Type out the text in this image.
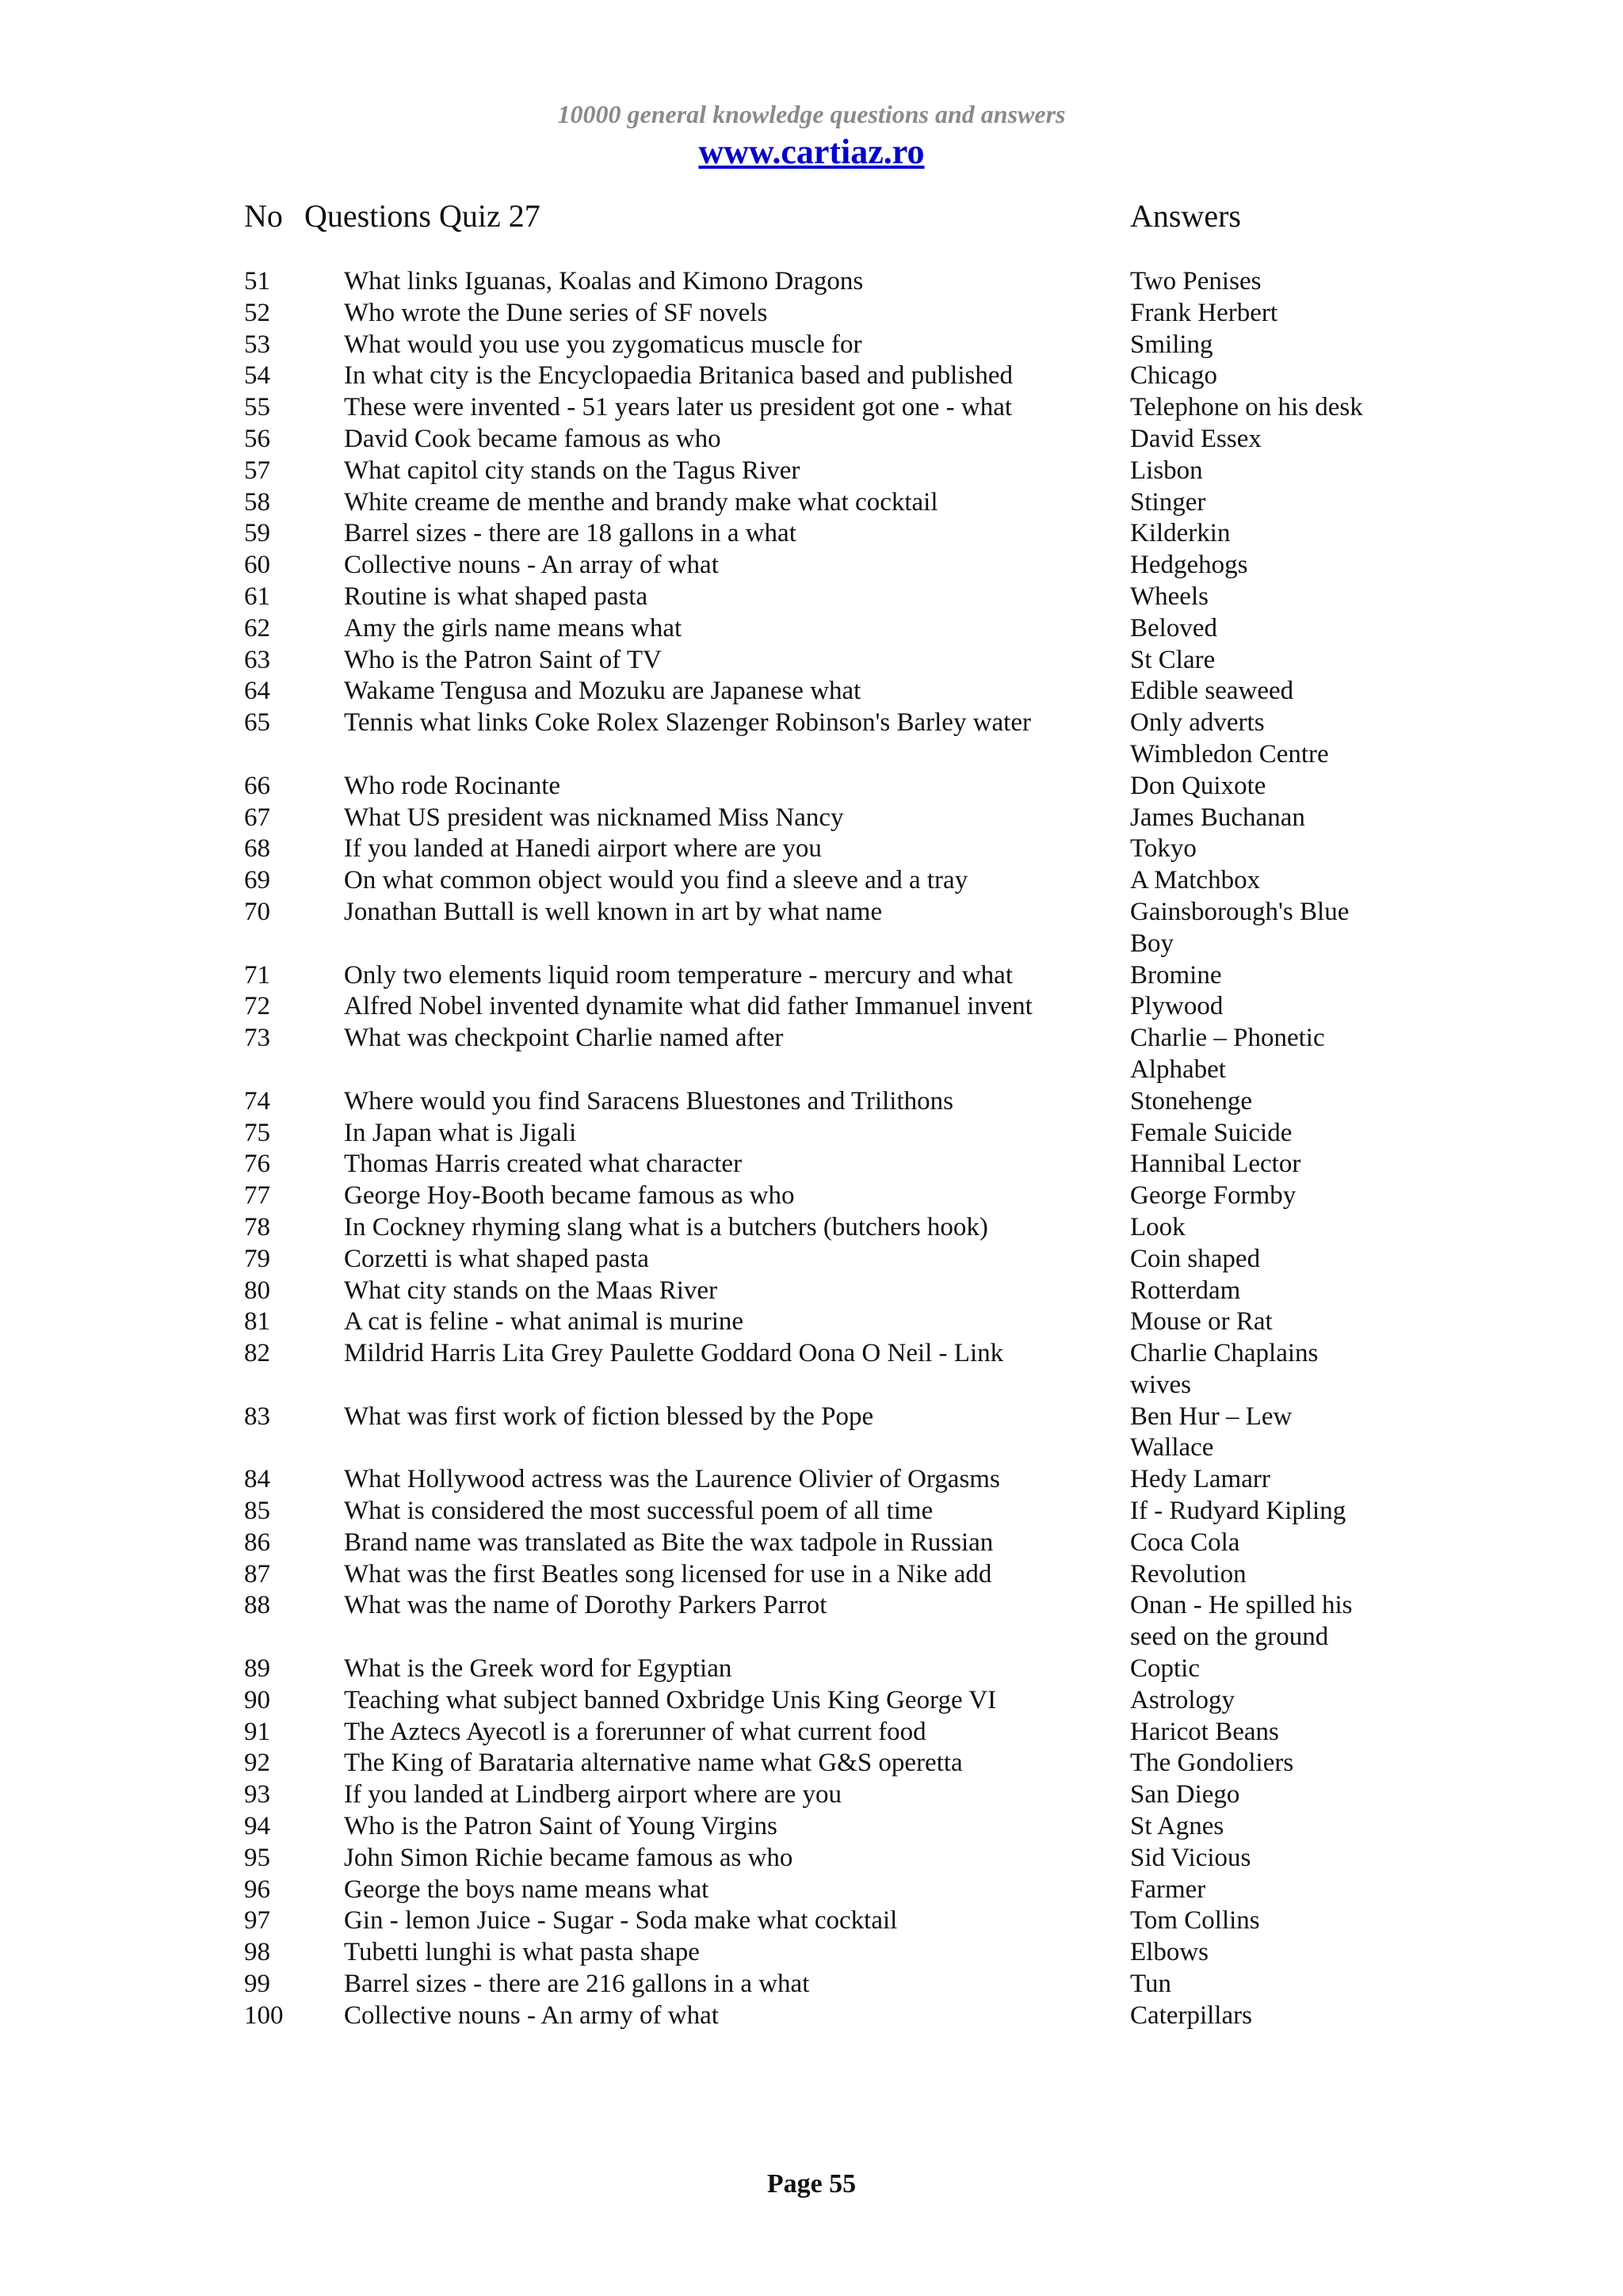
10000 general knowledge questions and answers
www.cartiaz.ro
No Questions Quiz 27	Answers
51	What links Iguanas, Koalas and Kimono Dragons	Two Penises
52	Who wrote the Dune series of SF novels	Frank Herbert
53	What would you use you zygomaticus muscle for	Smiling
54	In what city is the Encyclopaedia Britanica based and published	Chicago
55	These were invented - 51 years later us president got one - what	Telephone on his desk
56	David Cook became famous as who	David Essex
57	What capitol city stands on the Tagus River	Lisbon
58	White creame de menthe and brandy make what cocktail	Stinger
59	Barrel sizes - there are 18 gallons in a what	Kilderkin
60	Collective nouns - An array of what	Hedgehogs
61	Routine is what shaped pasta	Wheels
62	Amy the girls name means what	Beloved
63	Who is the Patron Saint of TV	St Clare
64	Wakame Tengusa and Mozuku are Japanese what	Edible seaweed
65	Tennis what links Coke Rolex Slazenger Robinson's Barley water	Only adverts
Wimbledon Centre
66	Who rode Rocinante	Don Quixote
67	What US president was nicknamed Miss Nancy	James Buchanan
68	If you landed at Hanedi airport where are you	Tokyo
69	On what common object would you find a sleeve and a tray	A Matchbox
70	Jonathan Buttall is well known in art by what name	Gainsborough's Blue
Boy
71	Only two elements liquid room temperature - mercury and what	Bromine
72	Alfred Nobel invented dynamite what did father Immanuel invent	Plywood
73	What was checkpoint Charlie named after	Charlie – Phonetic
Alphabet
74	Where would you find Saracens Bluestones and Trilithons	Stonehenge
75	In Japan what is Jigali	Female Suicide
76	Thomas Harris created what character	Hannibal Lector
77	George Hoy-Booth became famous as who	George Formby
78	In Cockney rhyming slang what is a butchers (butchers hook)	Look
79	Corzetti is what shaped pasta	Coin shaped
80	What city stands on the Maas River	Rotterdam
81	A cat is feline - what animal is murine	Mouse or Rat
82	Mildrid Harris Lita Grey Paulette Goddard Oona O Neil - Link	Charlie Chaplains
wives
83	What was first work of fiction blessed by the Pope	Ben Hur – Lew
Wallace
84	What Hollywood actress was the Laurence Olivier of Orgasms	Hedy Lamarr
85	What is considered the most successful poem of all time	If - Rudyard Kipling
86	Brand name was translated as Bite the wax tadpole in Russian	Coca Cola
87	What was the first Beatles song licensed for use in a Nike add	Revolution
88	What was the name of Dorothy Parkers Parrot	Onan - He spilled his
seed on the ground
89	What is the Greek word for Egyptian	Coptic
90	Teaching what subject banned Oxbridge Unis King George VI	Astrology
91	The Aztecs Ayecotl is a forerunner of what current food	Haricot Beans
92	The King of Barataria alternative name what G&S operetta	The Gondoliers
93	If you landed at Lindberg airport where are you	San Diego
94	Who is the Patron Saint of Young Virgins	St Agnes
95	John Simon Richie became famous as who	Sid Vicious
96	George the boys name means what	Farmer
97	Gin - lemon Juice - Sugar - Soda make what cocktail	Tom Collins
98	Tubetti lunghi is what pasta shape	Elbows
99	Barrel sizes - there are 216 gallons in a what	Tun
100 Collective nouns - An army of what	Caterpillars
Page 55
